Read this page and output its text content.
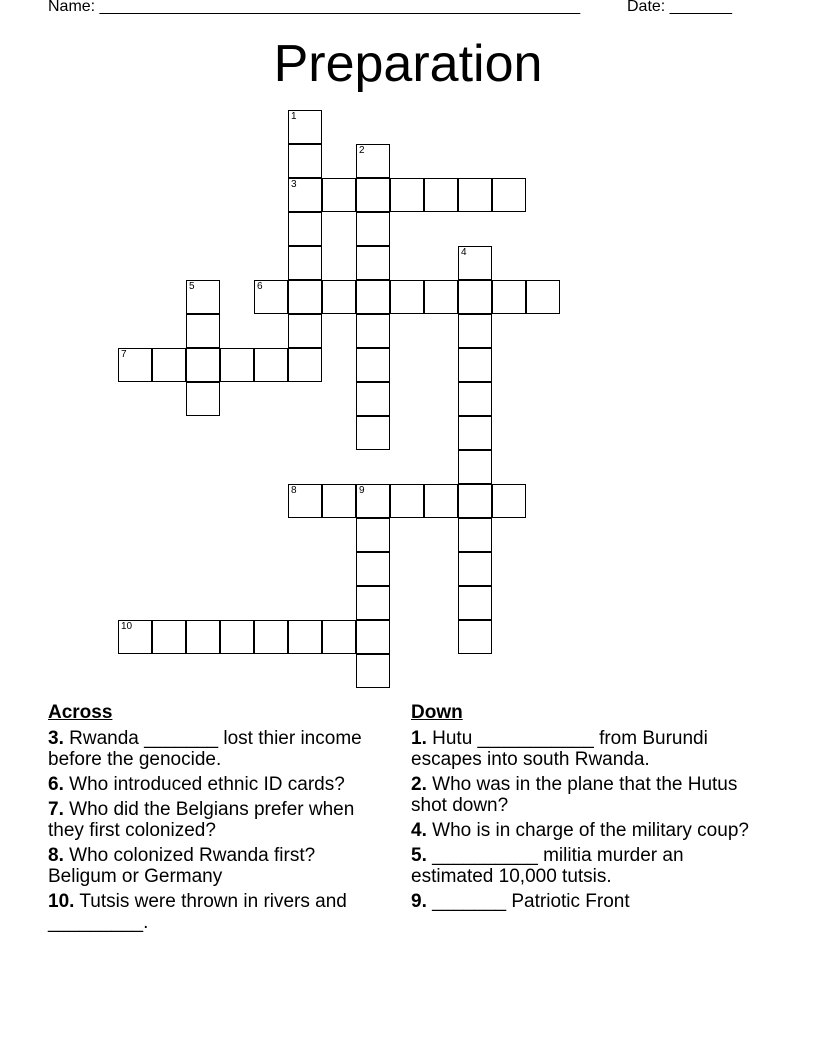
Name: ______________________________________________________	Date: _______
Preparation
1
3
2
4
5	6
7
8	9
10
Across
3. Rwanda _______ lost thier income before the genocide.
6. Who introduced ethnic ID cards?
7. Who did the Belgians prefer when they first colonized?
8. Who colonized Rwanda first? Beligum or Germany
10. Tutsis were thrown in rivers and _________.
Down
1. Hutu ___________ from Burundi escapes into south Rwanda.
2. Who was in the plane that the Hutus shot down?
4. Who is in charge of the military coup?
5. __________ militia murder an estimated 10,000 tutsis.
9. _______ Patriotic Front
